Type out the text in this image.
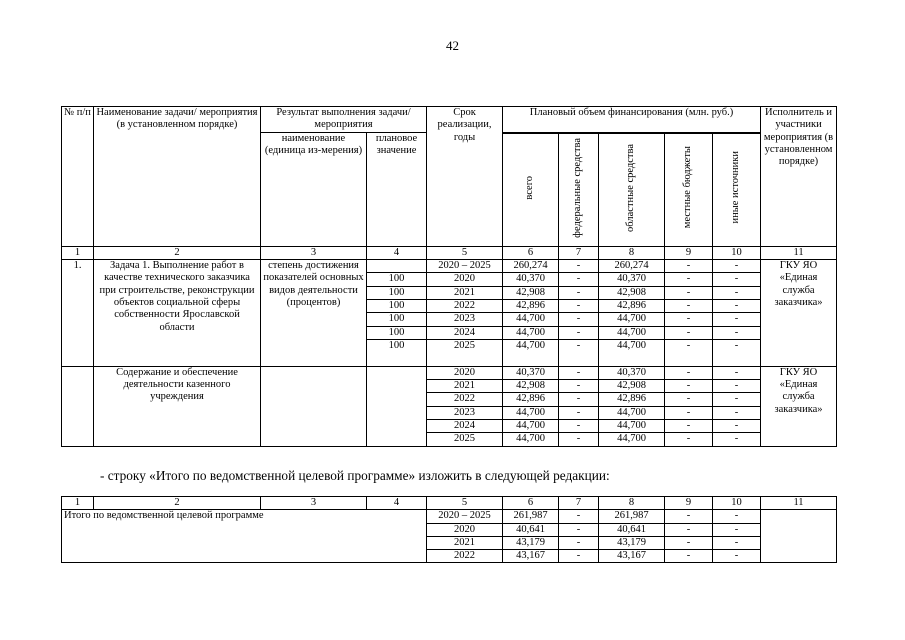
42
№ п/п	Наименование задачи/ мероприятия (в установленном порядке)	Результат выполнения задачи/ мероприятия		Срок реализации, годы	Плановый объем финансирования (млн. руб.)					Исполнитель и участники мероприятия (в установленном порядке)
		наименование (единица из-мерения)	плановое значение							
					всего	федеральные средства	областные средства	местные бюджеты	иные источники	
1	2	3	4	5	6	7	8	9	10	11
1.	Задача 1. Выполнение работ в качестве технического заказчика при строительстве, реконструкции объектов социальной сферы собственности Ярославской области	степень достижения показателей основных видов деятельности (процентов)		2020 – 2025	260,274	-	260,274	-	-	ГКУ ЯО «Единая служба заказчика»
			100	2020	40,370	-	40,370	-	-	
			100	2021	42,908	-	42,908	-	-	
			100	2022	42,896	-	42,896	-	-	
			100	2023	44,700	-	44,700	-	-	
			100	2024	44,700	-	44,700	-	-	
			100	2025	44,700	-	44,700	-	-	
	Содержание и обеспечение деятельности казенного учреждения			2020	40,370	-	40,370	-	-	ГКУ ЯО «Единая служба заказчика»
				2021	42,908	-	42,908	-	-	
				2022	42,896	-	42,896	-	-	
				2023	44,700	-	44,700	-	-	
				2024	44,700	-	44,700	-	-	
				2025	44,700	-	44,700	-	-	
- строку «Итого по ведомственной целевой программе» изложить в следующей редакции:
1	2	3	4	5	6	7	8	9	10	11
Итого по ведомственной целевой программе				2020 – 2025	261,987	-	261,987	-	-	
				2020	40,641	-	40,641	-	-	
				2021	43,179	-	43,179	-	-	
				2022	43,167	-	43,167	-	-	
